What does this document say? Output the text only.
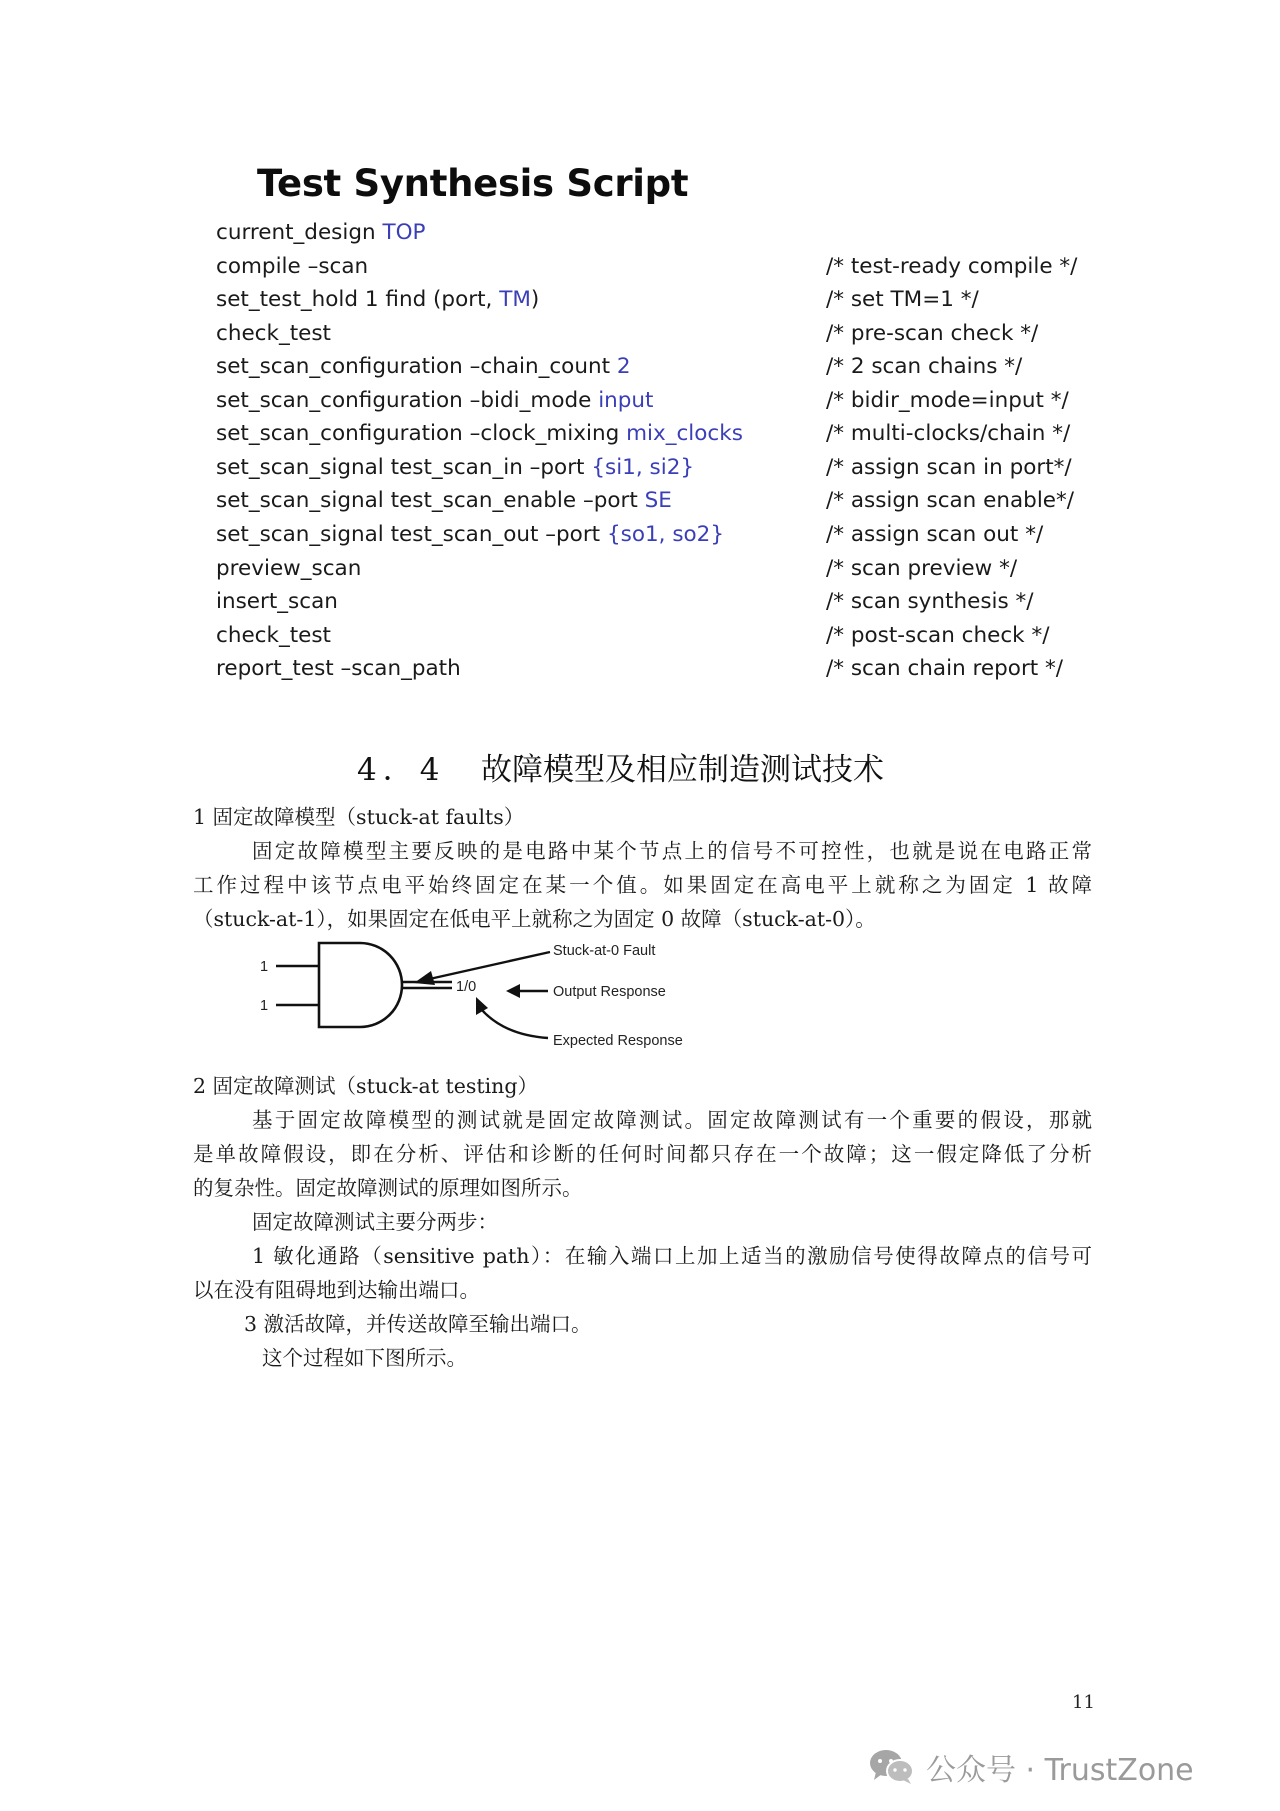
Test Synthesis Script
current_design TOP
compile –scan	/* test-ready compile */
set_test_hold 1 find (port, TM)	/* set TM=1 */
check_test	/* pre-scan check */
set_scan_configuration –chain_count 2	/* 2 scan chains */
set_scan_configuration –bidi_mode input	/* bidir_mode=input */
set_scan_configuration –clock_mixing mix_clocks	/* multi-clocks/chain */
set_scan_signal test_scan_in –port {si1, si2}	/* assign scan in port*/
set_scan_signal test_scan_enable –port SE	/* assign scan enable*/
set_scan_signal test_scan_out –port {so1, so2}	/* assign scan out */
preview_scan	/* scan preview */
insert_scan	/* scan synthesis */
check_test	/* post-scan check */
report_test –scan_path	/* scan chain report */
4．4 故障模型及相应制造测试技术
1 固定故障模型（stuck-at faults）
固定故障模型主要反映的是电路中某个节点上的信号不可控性，也就是说在电路正常
工作过程中该节点电平始终固定在某一个值。如果固定在高电平上就称之为固定 1 故障
（stuck-at-1），如果固定在低电平上就称之为固定 0 故障（stuck-at-0）。
1
1
1/0
Stuck-at-0 Fault
Output Response
Expected Response
2 固定故障测试（stuck-at testing）
基于固定故障模型的测试就是固定故障测试。固定故障测试有一个重要的假设，那就
是单故障假设，即在分析、评估和诊断的任何时间都只存在一个故障；这一假定降低了分析
的复杂性。固定故障测试的原理如图所示。
固定故障测试主要分两步：
1 敏化通路（sensitive path）：在输入端口上加上适当的激励信号使得故障点的信号可
以在没有阻碍地到达输出端口。
3 激活故障，并传送故障至输出端口。
这个过程如下图所示。
11
公众号 · TrustZone
